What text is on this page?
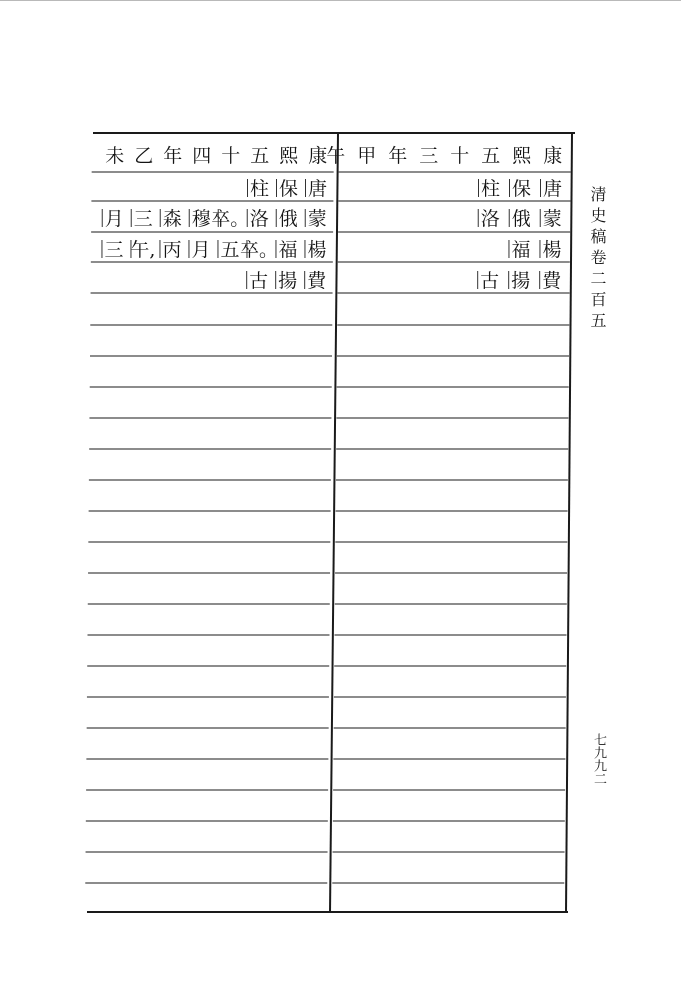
康
熙
五
十
三
年
甲
午
唐
保
柱
蒙
俄
洛
楊
福
費
揚
古
康
熙
五
十
四
年
乙
未
唐
保
柱
蒙
俄
洛
卒。
穆
森
三
月
楊
福
卒。
五
月
丙
午,
三
費
揚
古	清史稿卷二百五
七九九二
